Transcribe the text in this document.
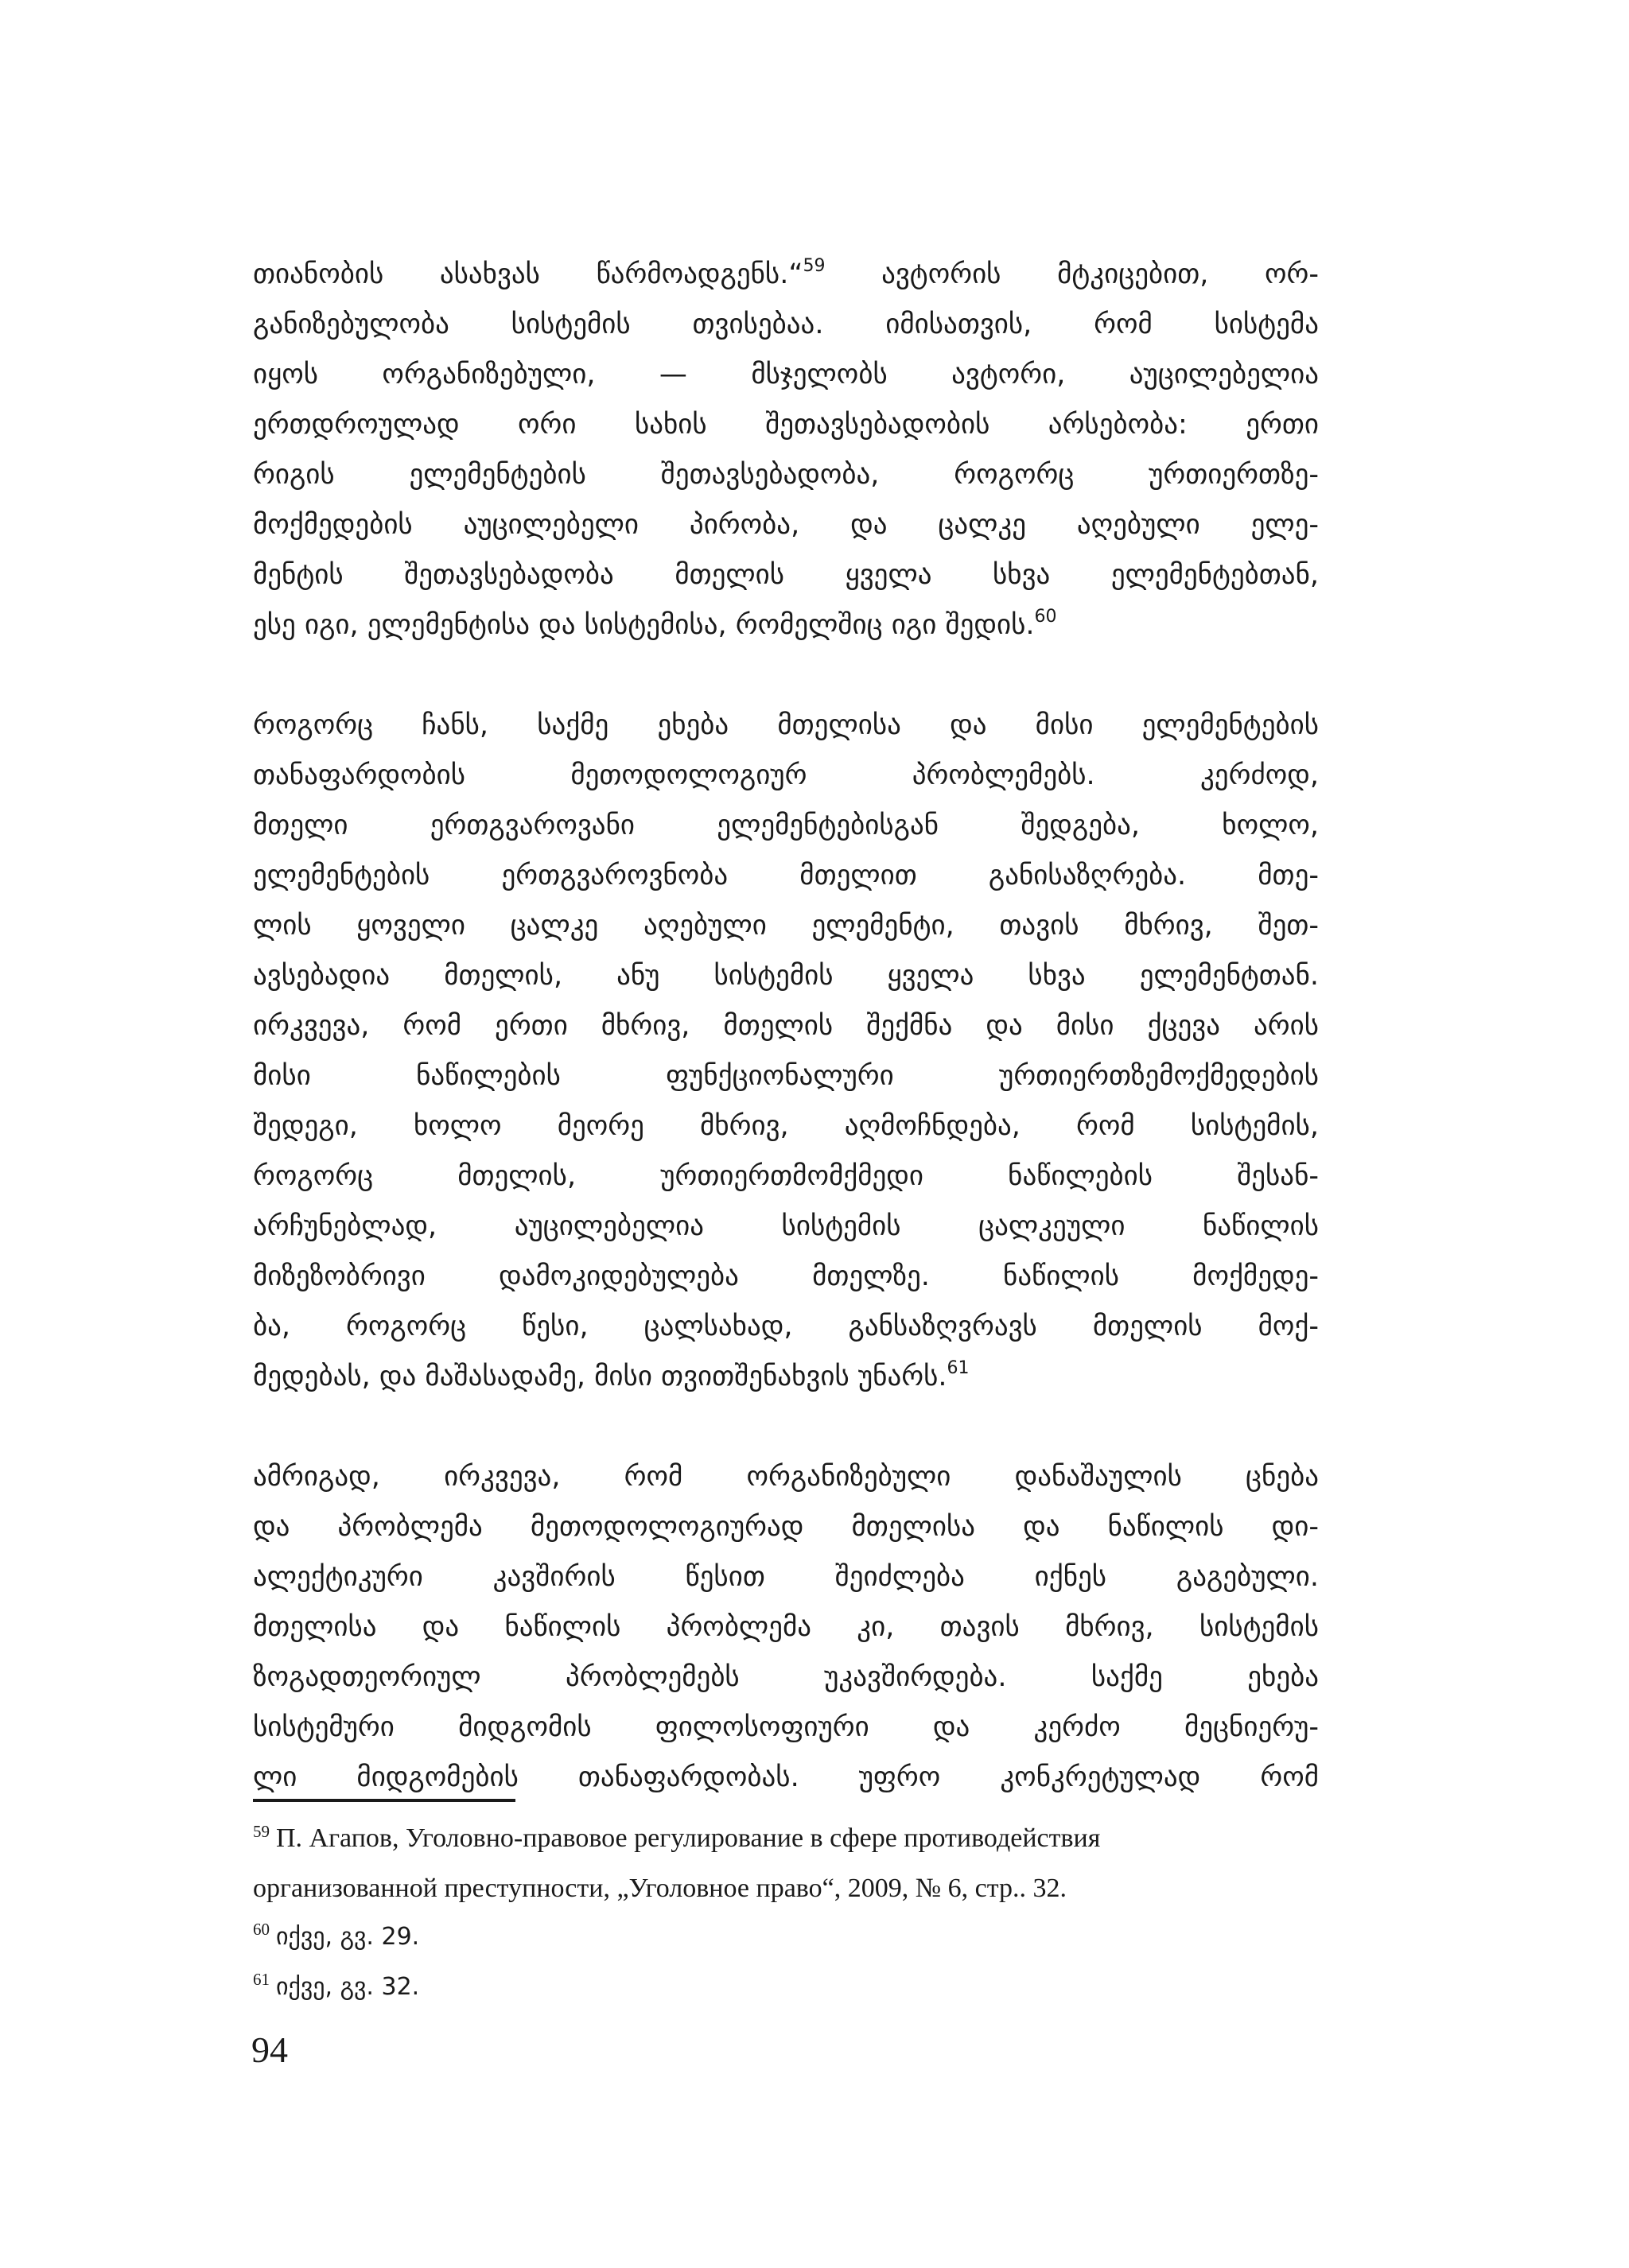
თიანობის ასახვას წარმოადგენს.“$^{59}$ ავტორის მტკიცებით, ორ-
განიზებულობა სისტემის თვისებაა. იმისათვის, რომ სისტემა
იყოს ორგანიზებული, — მსჯელობს ავტორი, აუცილებელია
ერთდროულად ორი სახის შეთავსებადობის არსებობა: ერთი
რიგის ელემენტების შეთავსებადობა, როგორც ურთიერთზე-
მოქმედების აუცილებელი პირობა, და ცალკე აღებული ელე-
მენტის შეთავსებადობა მთელის ყველა სხვა ელემენტებთან,
ესე იგი, ელემენტისა და სისტემისა, რომელშიც იგი შედის.$^{60}$
როგორც ჩანს, საქმე ეხება მთელისა და მისი ელემენტების
თანაფარდობის მეთოდოლოგიურ პრობლემებს. კერძოდ,
მთელი ერთგვაროვანი ელემენტებისგან შედგება, ხოლო,
ელემენტების ერთგვაროვნობა მთელით განისაზღრება. მთე-
ლის ყოველი ცალკე აღებული ელემენტი, თავის მხრივ, შეთ-
ავსებადია მთელის, ანუ სისტემის ყველა სხვა ელემენტთან.
ირკვევა, რომ ერთი მხრივ, მთელის შექმნა და მისი ქცევა არის
მისი ნაწილების ფუნქციონალური ურთიერთზემოქმედების
შედეგი, ხოლო მეორე მხრივ, აღმოჩნდება, რომ სისტემის,
როგორც მთელის, ურთიერთმომქმედი ნაწილების შესან-
არჩუნებლად, აუცილებელია სისტემის ცალკეული ნაწილის
მიზეზობრივი დამოკიდებულება მთელზე. ნაწილის მოქმედე-
ბა, როგორც წესი, ცალსახად, განსაზღვრავს მთელის მოქ-
მედებას, და მაშასადამე, მისი თვითშენახვის უნარს.$^{61}$
ამრიგად, ირკვევა, რომ ორგანიზებული დანაშაულის ცნება
და პრობლემა მეთოდოლოგიურად მთელისა და ნაწილის დი-
ალექტიკური კავშირის წესით შეიძლება იქნეს გაგებული.
მთელისა და ნაწილის პრობლემა კი, თავის მხრივ, სისტემის
ზოგადთეორიულ პრობლემებს უკავშირდება. საქმე ეხება
სისტემური მიდგომის ფილოსოფიური და კერძო მეცნიერუ-
ლი მიდგომების თანაფარდობას. უფრო კონკრეტულად რომ
$^{59}$ П. Агапов, Уголовно-правовое регулирование в сфере противодействия
организованной преступности, „Уголовное право“, 2009, № 6, стр.. 32.
$^{60}$ იქვე, გვ. 29.
$^{61}$ იქვე, გვ. 32.
94
